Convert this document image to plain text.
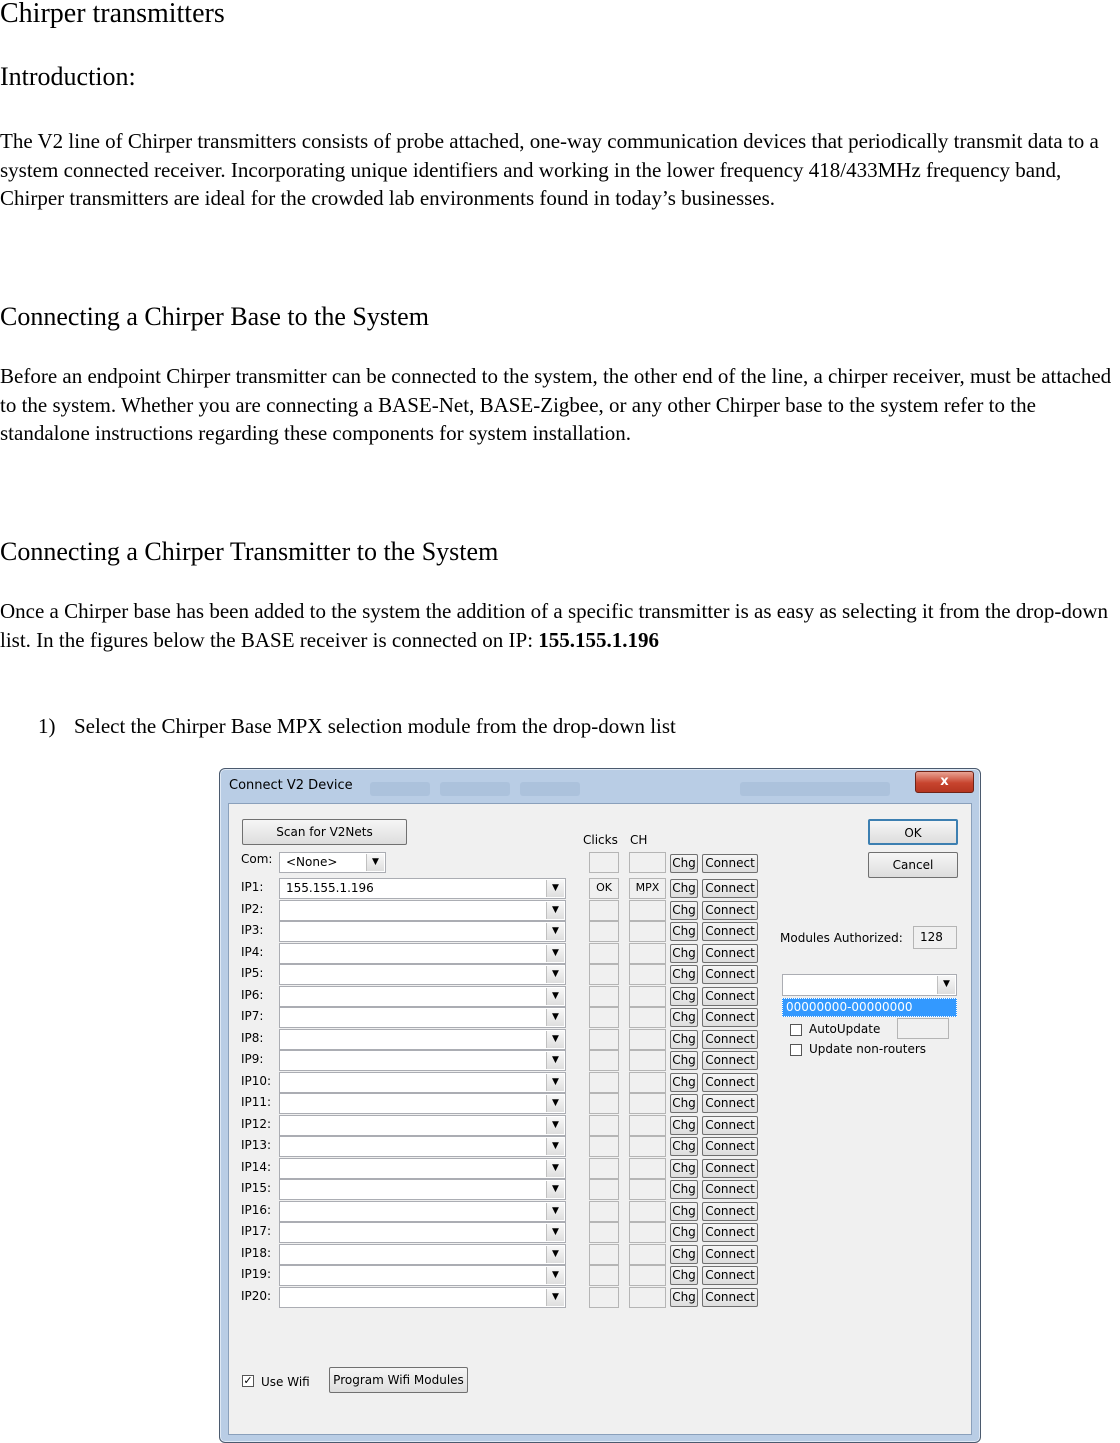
Chirper transmitters
Introduction:
The V2 line of Chirper transmitters consists of probe attached, one-way communication devices that periodically transmit data to a system connected receiver. Incorporating unique identifiers and working in the lower frequency 418/433MHz frequency band, Chirper transmitters are ideal for the crowded lab environments found in today’s businesses.
Connecting a Chirper Base to the System
Before an endpoint Chirper transmitter can be connected to the system, the other end of the line, a chirper receiver, must be attached to the system. Whether you are connecting a BASE-Net, BASE-Zigbee, or any other Chirper base to the system refer to the standalone instructions regarding these components for system installation.
Connecting a Chirper Transmitter to the System
Once a Chirper base has been added to the system the addition of a specific transmitter is as easy as selecting it from the drop-down list. In the figures below the BASE receiver is connected on IP: 155.155.1.196
1) Select the Chirper Base MPX selection module from the drop-down list
Connect V2 Device	x
Scan for V2Nets
Com: <None>	▼
Clicks CH
Chg Connect
IP1: 155.155.1.196	▼	OK	MPX	Chg Connect
IP2:	▼	Chg Connect
IP3:	▼	Chg Connect
IP4:	▼	Chg Connect
IP5:	▼	Chg Connect
IP6:	▼	Chg Connect
IP7:	▼	Chg Connect
IP8:	▼	Chg Connect
IP9:	▼	Chg Connect
IP10:	▼	Chg Connect
IP11:	▼	Chg Connect
IP12:	▼	Chg Connect
IP13:	▼	Chg Connect
IP14:	▼	Chg Connect
IP15:	▼	Chg Connect
IP16:	▼	Chg Connect
IP17:	▼	Chg Connect
IP18:	▼	Chg Connect
IP19:	▼	Chg Connect
IP20:	▼	Chg Connect
OK
Cancel
Modules Authorized:	128
▼
00000000-00000000
AutoUpdate
Update non-routers
✓ Use Wifi	Program Wifi Modules
